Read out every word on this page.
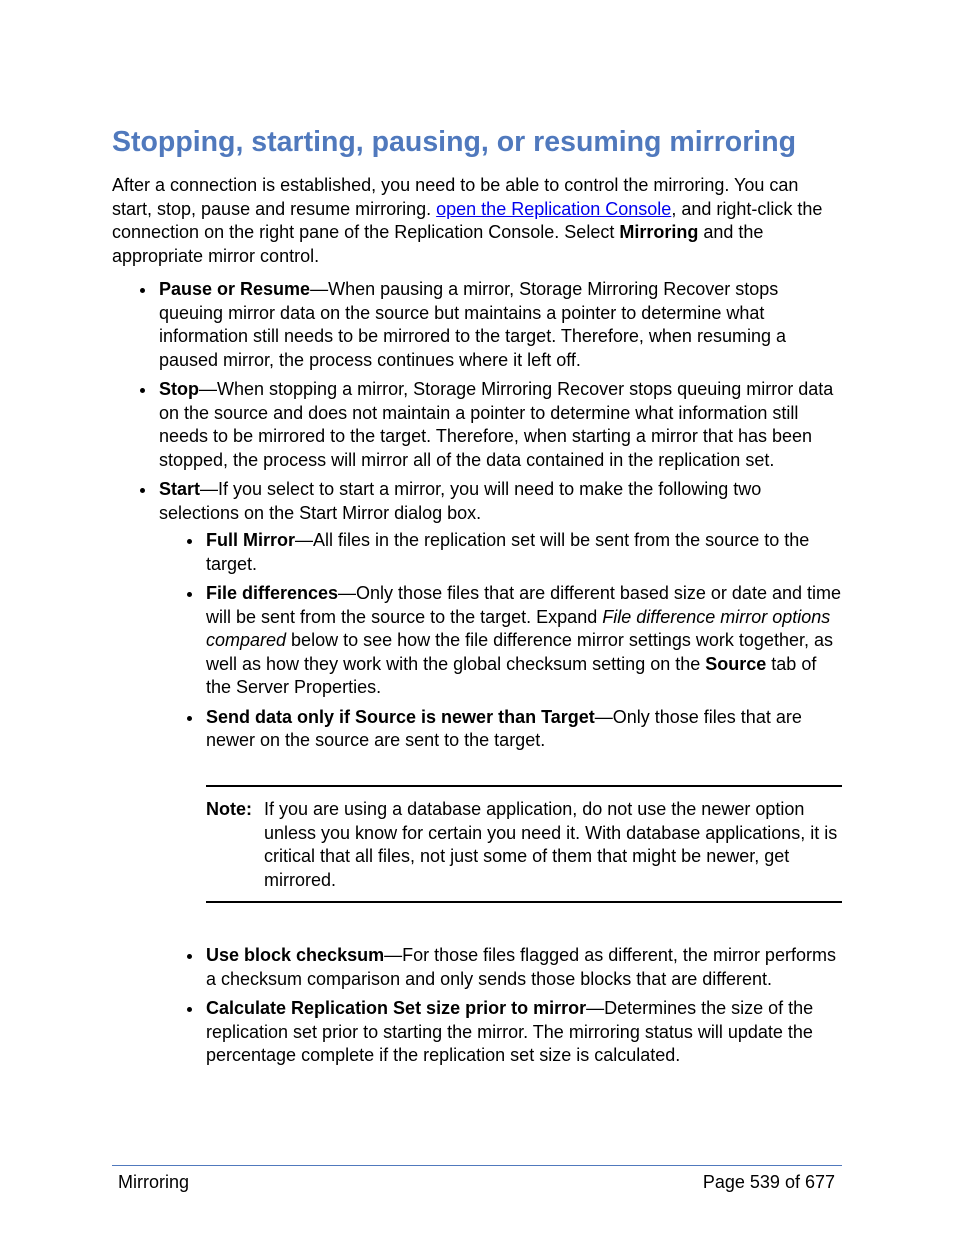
Stopping, starting, pausing, or resuming mirroring

After a connection is established, you need to be able to control the mirroring. You can start, stop, pause and resume mirroring. open the Replication Console, and right-click the connection on the right pane of the Replication Console. Select Mirroring and the appropriate mirror control.

Pause or Resume—When pausing a mirror, Storage Mirroring Recover stops queuing mirror data on the source but maintains a pointer to determine what information still needs to be mirrored to the target. Therefore, when resuming a paused mirror, the process continues where it left off.
Stop—When stopping a mirror, Storage Mirroring Recover stops queuing mirror data on the source and does not maintain a pointer to determine what information still needs to be mirrored to the target. Therefore, when starting a mirror that has been stopped, the process will mirror all of the data contained in the replication set.
Start—If you select to start a mirror, you will need to make the following two selections on the Start Mirror dialog box.
Full Mirror—All files in the replication set will be sent from the source to the target.
File differences—Only those files that are different based size or date and time will be sent from the source to the target. Expand File difference mirror options compared below to see how the file difference mirror settings work together, as well as how they work with the global checksum setting on the Source tab of the Server Properties.
Send data only if Source is newer than Target—Only those files that are newer on the source are sent to the target.
Note: If you are using a database application, do not use the newer option unless you know for certain you need it. With database applications, it is critical that all files, not just some of them that might be newer, get mirrored.
Use block checksum—For those files flagged as different, the mirror performs a checksum comparison and only sends those blocks that are different.
Calculate Replication Set size prior to mirror—Determines the size of the replication set prior to starting the mirror. The mirroring status will update the percentage complete if the replication set size is calculated.
Mirroring	Page 539 of 677
